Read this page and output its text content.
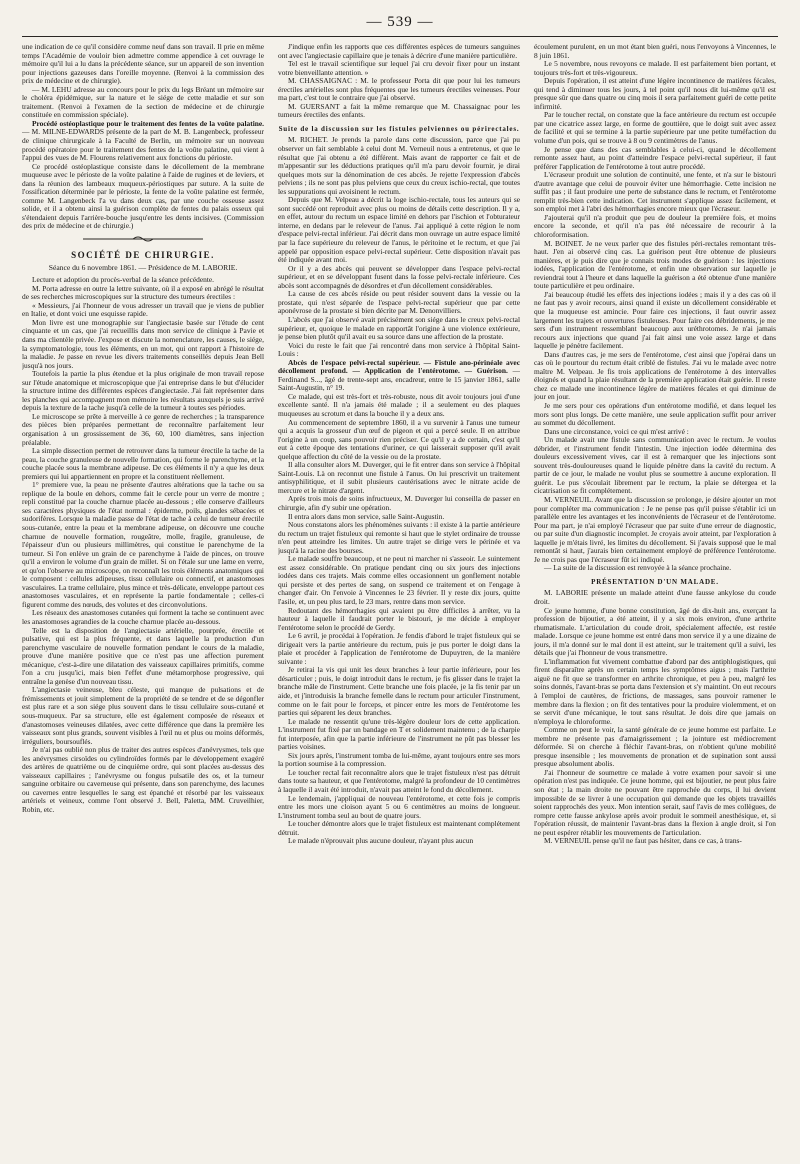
— 539 —

une indication de ce qu'il considère comme neuf dans son travail. Il prie en même temps l'Académie de vouloir bien admettre comme appendice à cet ouvrage le mémoire qu'il lui a lu dans la précédente séance, sur un appareil de son invention pour injections gazeuses dans l'oreille moyenne. (Renvoi à la commission des prix de médecine et de chirurgie).

— M. LEHU adresse au concours pour le prix du legs Bréant un mémoire sur le choléra épidémique, sur la nature et le siége de cette maladie et sur son traitement. (Renvoi à l'examen de la section de médecine et de chirurgie constituée en commission spéciale).

Procédé ostéoplastique pour le traitement des fentes de la voûte palatine. — M. MILNE-EDWARDS présente de la part de M. B. Langenbeck, professeur de clinique chirurgicale à la Faculté de Berlin, un mémoire sur un nouveau procédé opératoire pour le traitement des fentes de la voûte palatine, qui vient à l'appui des vues de M. Flourens relativement aux fonctions du périoste.

Ce procédé ostéoplastique consiste dans le décollement de la membrane muqueuse avec le périoste de la voûte palatine à l'aide de rugines et de leviers, et dans la réunion des lambeaux muqueux-périostiques par suture. A la suite de l'ossification déterminée par le périoste, la fente de la voûte palatine est fermée, comme M. Langenbeck l'a vu dans deux cas, par une couche osseuse assez solide, et il a obtenu ainsi la guérison complète de fentes du palais osseux qui s'étendaient depuis l'arrière-bouche jusqu'entre les dents incisives. (Commission des prix de médecine et de chirurgie.)

SOCIÉTÉ DE CHIRURGIE.
Séance du 6 novembre 1861. — Présidence de M. LABORIE.

Lecture et adoption du procès-verbal de la séance précédente.

M. Porta adresse en outre la lettre suivante, où il a exposé en abrégé le résultat de ses recherches microscopiques sur la structure des tumeurs érectiles :

« Messieurs, j'ai l'honneur de vous adresser un travail que je viens de publier en Italie, et dont voici une esquisse rapide.

Mon livre est une monographie sur l'angiectasie basée sur l'étude de cent cinquante et un cas, que j'ai recueillis dans mon service de clinique à Pavie et dans ma clientèle privée. J'expose et discute la nomenclature, les causes, le siége, la symptomatologie, tous les éléments, en un mot, qui ont rapport à l'histoire de la maladie. Je passe en revue les divers traitements conseillés depuis Jean Bell jusqu'à nos jours.

Toutefois la partie la plus étendue et la plus originale de mon travail repose sur l'étude anatomique et microscopique que j'ai entreprise dans le but d'élucider la structure intime des différentes espèces d'angiectasie. J'ai fait représenter dans les planches qui accompagnent mon mémoire les résultats auxquels je suis arrivé depuis la texture de la tache jusqu'à celle de la tumeur à toutes ses périodes.

Le microscope se prête à merveille à ce genre de recherches ; la transparence des pièces bien préparées permettant de reconnaître parfaitement leur organisation à un grossissement de 36, 60, 100 diamètres, sans injection préalable.

La simple dissection permet de retrouver dans la tumeur érectile la tache de la peau, la couche granuleuse de nouvelle formation, qui forme le parenchyme, et la couche placée sous la membrane adipeuse. De ces éléments il n'y a que les deux premiers qui lui appartiennent en propre et la constituent réellement.

1° premiere vue, la peau ne présente d'autres altérations que la tache ou sa replique de la boule en dehors, comme fait le cercle pour un verre de montre ; repli constitué par la couche charnue placée au-dessous ; elle conserve d'ailleurs ses caractères physiques de l'état normal : épiderme, poils, glandes sébacées et sudorifères. Lorsque la maladie passe de l'état de tache à celui de tumeur érectile sous-cutanée, entre la peau et la membrane adipeuse, on découvre une couche charnue de nouvelle formation, rougeâtre, molle, fragile, granuleuse, de l'épaisseur d'un ou plusieurs millimètres, qui constitue le parenchyme de la tumeur. Si l'on enlève un grain de ce parenchyme à l'aide de pinces, on trouve qu'il a environ le volume d'un grain de millet. Si on l'étale sur une lame en verre, et qu'on l'observe au microscope, on reconnaît les trois éléments anatomiques qui le composent : cellules adipeuses, tissu cellulaire ou connectif, et anastomoses vasculaires. La trame cellulaire, plus mince et très-délicate, enveloppe partout ces anastomoses vasculaires, et en représente la partie fondamentale ; celles-ci figurent comme des nœuds, des volutes et des circonvolutions.

Les réseaux des anastomoses cutanées qui forment la tache se continuent avec les anastomoses agrandies de la couche charnue placée au-dessous.

Telle est la disposition de l'angiectasie artérielle, pourprée, érectile et pulsative, qui est la plus fréquente, et dans laquelle la production d'un parenchyme vasculaire de nouvelle formation pendant le cours de la maladie, prouve d'une manière positive que ce n'est pas une affection purement mécanique, c'est-à-dire une dilatation des vaisseaux capillaires primitifs, comme l'on a cru jusqu'ici, mais bien l'effet d'une métamorphose progressive, qui entraîne la genèse d'un nouveau tissu.

L'angiectasie veineuse, bleu céleste, qui manque de pulsations et de frémissements et jouit simplement de la propriété de se tendre et de se dégonfler est plus rare et a son siége plus souvent dans le tissu cellulaire sous-cutané et sous-muqueux. Par sa structure, elle est également composée de réseaux et d'anastomoses veineuses dilatées, avec cette différence que dans la première les vaisseaux sont plus grands, souvent visibles à l'œil nu et plus ou moins déformés, irréguliers, boursouflés.

Je n'ai pas oublié non plus de traiter des autres espèces d'anévrysmes, tels que les anévrysmes cirsoïdes ou cylindroïdes formés par le développement exagéré des artères de quatrième ou de cinquième ordre, qui sont placées au-dessus des vaisseaux capillaires ; l'anévrysme ou fongus pulsatile des os, et la tumeur sanguine orbitaire ou caverneuse qui présente, dans son parenchyme, des lacunes ou cavernes entre lesquelles le sang est épanché et résorbé par les vaisseaux artériels et veineux, comme l'ont observé J. Bell, Paletta, MM. Cruveilhier, Robin, etc.

J'indique enfin les rapports que ces différentes espèces de tumeurs sanguines ont avec l'angiectasie capillaire que je tenais à décrire d'une manière particulière.

Tel est le travail scientifique sur lequel j'ai cru devoir fixer pour un instant votre bienveillante attention. »

M. CHASSAIGNAC : M. le professeur Porta dit que pour lui les tumeurs érectiles artérielles sont plus fréquentes que les tumeurs érectiles veineuses. Pour ma part, c'est tout le contraire que j'ai observé.

M. GUERSANT a fait la même remarque que M. Chassaignac pour les tumeurs érectiles des enfants.

Suite de la discussion sur les fistules pelviennes ou périrectales.

M. RICHET. Je prends la parole dans cette discussion, parce que j'ai pu observer un fait semblable à celui dont M. Verneuil nous a entretenus, et que le résultat que j'ai obtenu a été différent. Mais avant de rapporter ce fait et de m'appesantir sur les déductions pratiques qu'il m'a paru devoir fournir, je dirai quelques mots sur la dénomination de ces abcès. Je rejette l'expression d'abcès pelviens ; ils ne sont pas plus pelviens que ceux du creux ischio-rectal, que toutes les suppurations qui avoisinent le rectum.

Depuis que M. Velpeau a décrit la loge ischio-rectale, tous les auteurs qui se sont succédé ont reproduit avec plus ou moins de détails cette description. Il y a, en effet, autour du rectum un espace limité en dehors par l'ischion et l'obturateur interne, en dedans par le releveur de l'anus. J'ai appliqué à cette région le nom d'espace pelvi-rectal inférieur. J'ai décrit dans mon ouvrage un autre espace limité par la face supérieure du releveur de l'anus, le péritoine et le rectum, et que j'ai appelé par opposition espace pelvi-rectal supérieur. Cette disposition n'avait pas été indiquée avant moi.

Or il y a des abcès qui peuvent se développer dans l'espace pelvi-rectal supérieur, et en se développant fusent dans la fosse pelvi-rectale inférieure. Ces abcès sont accompagnés de désordres et d'un décollement considérables.

La cause de ces abcès réside ou peut résider souvent dans la vessie ou la prostate, qui n'est séparée de l'espace pelvi-rectal supérieur que par cette aponévrose de la prostate si bien décrite par M. Denonvilliers.

L'abcès que j'ai observé avait précisément son siége dans le creux pelvi-rectal supérieur, et, quoique le malade en rapportât l'origine à une violence extérieure, je pense bien plutôt qu'il avait eu sa source dans une affection de la prostate.

Voici du reste le fait que j'ai rencontré dans mon service à l'hôpital Saint-Louis :

Abcès de l'espace pelvi-rectal supérieur. — Fistule ano-périnéale avec décollement profond. — Application de l'entérotome. — Guérison. — Ferdinand S..., âgé de trente-sept ans, encadreur, entre le 15 janvier 1861, salle Saint-Augustin, n° 19.

Ce malade, qui est très-fort et très-robuste, nous dit avoir toujours joui d'une excellente santé. Il n'a jamais été malade ; il a seulement eu des plaques muqueuses au scrotum et dans la bouche il y a deux ans.

Au commencement de septembre 1860, il a vu survenir à l'anus une tumeur qui a acquis la grosseur d'un œuf de pigeon et qui a percé seule. Il en attribue l'origine à un coup, sans pouvoir rien préciser. Ce qu'il y a de certain, c'est qu'il eut à cette époque des tentations d'uriner, ce qui laisserait supposer qu'il avait quelque affection du côté de la vessie ou de la prostate.

Il alla consulter alors M. Duverger, qui le fit entrer dans son service à l'hôpital Saint-Louis. Là on reconnut une fistule à l'anus. On lui prescrivit un traitement antisyphilitique, et il subit plusieurs cautérisations avec le nitrate acide de mercure et le nitrate d'argent.

Après trois mois de soins infructueux, M. Duverger lui conseilla de passer en chirurgie, afin d'y subir une opération.

Il entra alors dans mon service, salle Saint-Augustin.

Nous constatons alors les phénomènes suivants : il existe à la partie antérieure du rectum un trajet fistuleux qui remonte si haut que le stylet ordinaire de trousse n'en peut atteindre les limites. Un autre trajet se dirige vers le périnée et va jusqu'à la racine des bourses.

Le malade souffre beaucoup, et ne peut ni marcher ni s'asseoir. Le suintement est assez considérable. On pratique pendant cinq ou six jours des injections iodées dans ces trajets. Mais comme elles occasionnent un gonflement notable qui persiste et des pertes de sang, on suspend ce traitement et on l'engage à changer d'air. On l'envoie à Vincennes le 23 février. Il y reste dix jours, quitte l'asile, et, un peu plus tard, le 23 mars, rentre dans mon service.

Redoutant des hémorrhagies qui avaient pu être difficiles à arrêter, vu la hauteur à laquelle il faudrait porter le bistouri, je me décide à employer l'entérotome selon le procédé de Gerdy.

Le 6 avril, je procédai à l'opération. Je fendis d'abord le trajet fistuleux qui se dirigeait vers la partie antérieure du rectum, puis je pus porter le doigt dans la plaie et procéder à l'application de l'entérotome de Dupuytren, de la manière suivante :

Je retirai la vis qui unit les deux branches à leur partie inférieure, pour les désarticuler ; puis, le doigt introduit dans le rectum, je fis glisser dans le trajet la branche mâle de l'instrument. Cette branche une fois placée, je la fis tenir par un aide, et j'introduisis la branche femelle dans le rectum pour articuler l'instrument, comme on le fait pour le forceps, et pincer entre les mors de l'entérotome les parties qui séparent les deux branches.

Le malade ne ressentit qu'une très-légère douleur lors de cette application. L'instrument fut fixé par un bandage en T et solidement maintenu ; de la charpie fut interposée, afin que la partie inférieure de l'instrument ne pût pas blesser les parties voisines.

Six jours après, l'instrument tomba de lui-même, ayant toujours entre ses mors la portion soumise à la compression.

Le toucher rectal fait reconnaître alors que le trajet fistuleux n'est pas détruit dans toute sa hauteur, et que l'entérotome, malgré la profondeur de 10 centimètres à laquelle il avait été introduit, n'avait pas atteint le fond du décollement.

Le lendemain, j'appliquai de nouveau l'entérotome, et cette fois je compris entre les mors une cloison ayant 5 ou 6 centimètres au moins de longueur. L'instrument tomba seul au bout de quatre jours.

Le toucher démontre alors que le trajet fistuleux est maintenant complétement détruit.

Le malade n'éprouvait plus aucune douleur, n'ayant plus aucun

écoulement purulent, en un mot étant bien guéri, nous l'envoyons à Vincennes, le 8 juin 1861.

Le 5 novembre, nous revoyons ce malade. Il est parfaitement bien portant, et toujours très-fort et très-vigoureux.

Depuis l'opération, il est atteint d'une légère incontinence de matières fécales, qui tend à diminuer tous les jours, à tel point qu'il nous dit lui-même qu'il est presque sûr que dans quatre ou cinq mois il sera parfaitement guéri de cette petite infirmité.

Par le toucher rectal, on constate que la face antérieure du rectum est occupée par une cicatrice assez large, en forme de gouttière, que le doigt suit avec assez de facilité et qui se termine à la partie supérieure par une petite tuméfaction du volume d'un pois, qui se trouve à 8 ou 9 centimètres de l'anus.

Je pense que dans des cas semblables à celui-ci, quand le décollement remonte assez haut, au point d'atteindre l'espace pelvi-rectal supérieur, il faut préférer l'application de l'entérotome à tout autre procédé.

L'écraseur produit une solution de continuité, une fente, et n'a sur le bistouri d'autre avantage que celui de pouvoir éviter une hémorrhagie. Cette incision ne suffit pas ; il faut produire une perte de substance dans le rectum, et l'entérotome remplit très-bien cette indication. Cet instrument s'applique assez facilement, et son emploi met à l'abri des hémorrhagies encore mieux que l'écraseur.

J'ajouterai qu'il n'a produit que peu de douleur la première fois, et moins encore la seconde, et qu'il n'a pas été nécessaire de recourir à la chloroformisation.

M. BOINET. Je ne veux parler que des fistules péri-rectales remontant très-haut. J'en ai observé cinq cas. La guérison peut être obtenue de plusieurs manières, et je puis dire que je connais trois modes de guérison : les injections iodées, l'application de l'entérotome, et enfin une observation sur laquelle je reviendrai tout à l'heure et dans laquelle la guérison a été obtenue d'une manière toute particulière et peu ordinaire.

J'ai beaucoup étudié les effets des injections iodées ; mais il y a des cas où il ne faut pas y avoir recours, ainsi quand il existe un décollement considérable et que la muqueuse est amincie. Pour faire ces injections, il faut ouvrir assez largement les trajets et ouvertures fistuleuses. Pour faire ces débridements, je me sers d'un instrument ressemblant beaucoup aux uréthrotomes. Je n'ai jamais recours aux injections que quand j'ai fait ainsi une voie assez large et dans laquelle je pénètre facilement.

Dans d'autres cas, je me sers de l'entérotome, c'est ainsi que j'opérai dans un cas où le pourtour du rectum était criblé de fistules. J'ai vu le malade avec notre maître M. Velpeau. Je fis trois applications de l'entérotome à des intervalles éloignés et quand la plaie résultant de la première application était guérie. Il reste chez ce malade une incontinence légère de matières fécales et qui diminue de jour en jour.

Je me sers pour ces opérations d'un entérotome modifié, et dans lequel les mors sont plus longs. De cette manière, une seule application suffit pour arriver au sommet du décollement.

Dans une circonstance, voici ce qui m'est arrivé :

Un malade avait une fistule sans communication avec le rectum. Je voulus débrider, et l'instrument fendit l'intestin. Une injection iodée détermina des douleurs excessivement vives, car il est à remarquer que les injections sont souvent très-douloureuses quand le liquide pénètre dans la cavité du rectum. A partir de ce jour, le malade ne voulut plus se soumettre à aucune exploration. Il guérit. Le pus s'écoulait librement par le rectum, la plaie se détergea et la cicatrisation se fit complétement.

M. VERNEUIL. Avant que la discussion se prolonge, je désire ajouter un mot pour compléter ma communication : Je ne pense pas qu'il puisse s'établir ici un parallèle entre les avantages et les inconvénients de l'écraseur et de l'entérotome. Pour ma part, je n'ai employé l'écraseur que par suite d'une erreur de diagnostic, ou par suite d'un diagnostic incomplet. Je croyais avoir atteint, par l'exploration à laquelle je m'étais livré, les limites du décollement. Si j'avais supposé que le mal remontât si haut, j'aurais bien certainement employé de préférence l'entérotome. Je ne crois pas que l'écraseur fût ici indiqué.

— La suite de la discussion est renvoyée à la séance prochaine.

PRÉSENTATION D'UN MALADE.

M. LABORIE présente un malade atteint d'une fausse ankylose du coude droit.

Ce jeune homme, d'une bonne constitution, âgé de dix-huit ans, exerçant la profession de bijoutier, a été atteint, il y a six mois environ, d'une arthrite rhumatismale. L'articulation du coude droit, spécialement affectée, est restée malade. Lorsque ce jeune homme est entré dans mon service il y a une dizaine de jours, il m'a donné sur le mal dont il est atteint, sur le traitement qu'il a suivi, les détails que j'ai l'honneur de vous transmettre.

L'inflammation fut vivement combattue d'abord par des antiphlogistiques, qui firent disparaître après un certain temps les symptômes aigus ; mais l'arthrite aiguë ne fit que se transformer en arthrite chronique, et peu à peu, malgré les soins donnés, l'avant-bras se porta dans l'extension et s'y maintint. On eut recours à l'emploi de cautères, de frictions, de massages, sans pouvoir ramener le membre dans la flexion ; on fit des tentatives pour la produire violemment, et on se servit d'une mécanique, le tout sans résultat. Je dois dire que jamais on n'employa le chloroforme.

Comme on peut le voir, la santé générale de ce jeune homme est parfaite. Le membre ne présente pas d'amaigrissement ; la jointure est médiocrement déformée. Si on cherche à fléchir l'avant-bras, on n'obtient qu'une mobilité presque insensible ; les mouvements de pronation et de supination sont aussi presque absolument abolis.

J'ai l'honneur de soumettre ce malade à votre examen pour savoir si une opération n'est pas indiquée. Ce jeune homme, qui est bijoutier, ne peut plus faire son état ; la main droite ne pouvant être rapprochée du corps, il lui devient impossible de se livrer à une occupation qui demande que les objets travaillés soient rapprochés des yeux. Mon intention serait, sauf l'avis de mes collègues, de rompre cette fausse ankylose après avoir produit le sommeil anesthésique, et, si l'opération réussit, de maintenir l'avant-bras dans la flexion à angle droit, si l'on ne peut espérer rétablir les mouvements de l'articulation.

M. VERNEUIL pense qu'il ne faut pas hésiter, dans ce cas, à trans-
